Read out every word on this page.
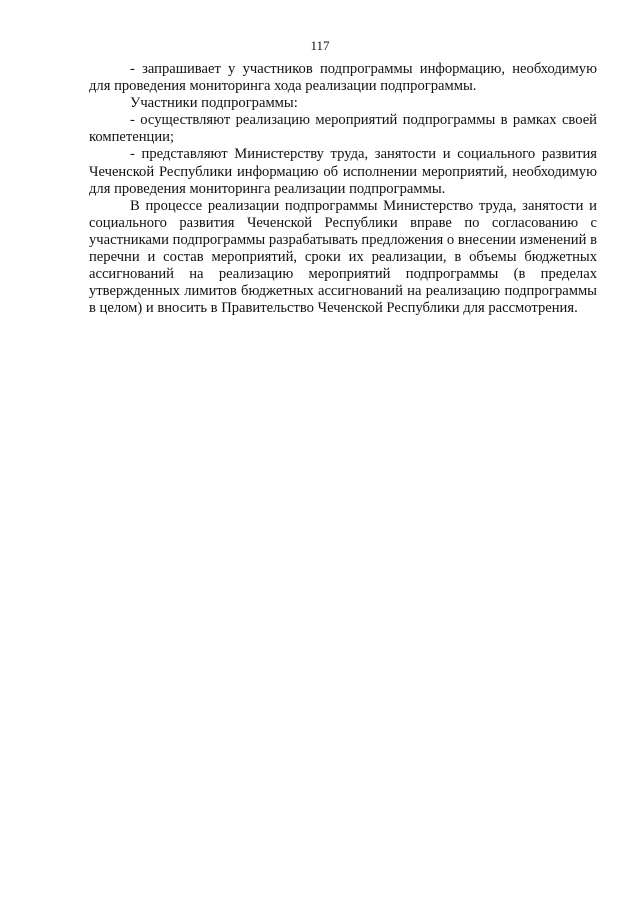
117

- запрашивает у участников подпрограммы информацию, необходимую для проведения мониторинга хода реализации подпрограммы.

Участники подпрограммы:

- осуществляют реализацию мероприятий подпрограммы в рамках своей компетенции;

- представляют Министерству труда, занятости и социального развития Чеченской Республики информацию об исполнении мероприятий, необходимую для проведения мониторинга реализации подпрограммы.

В процессе реализации подпрограммы Министерство труда, занятости и социального развития Чеченской Республики вправе по согласованию с участниками подпрограммы разрабатывать предложения о внесении изменений в перечни и состав мероприятий, сроки их реализации, в объемы бюджетных ассигнований на реализацию мероприятий подпрограммы (в пределах утвержденных лимитов бюджетных ассигнований на реализацию подпрограммы в целом) и вносить в Правительство Чеченской Республики для рассмотрения.
